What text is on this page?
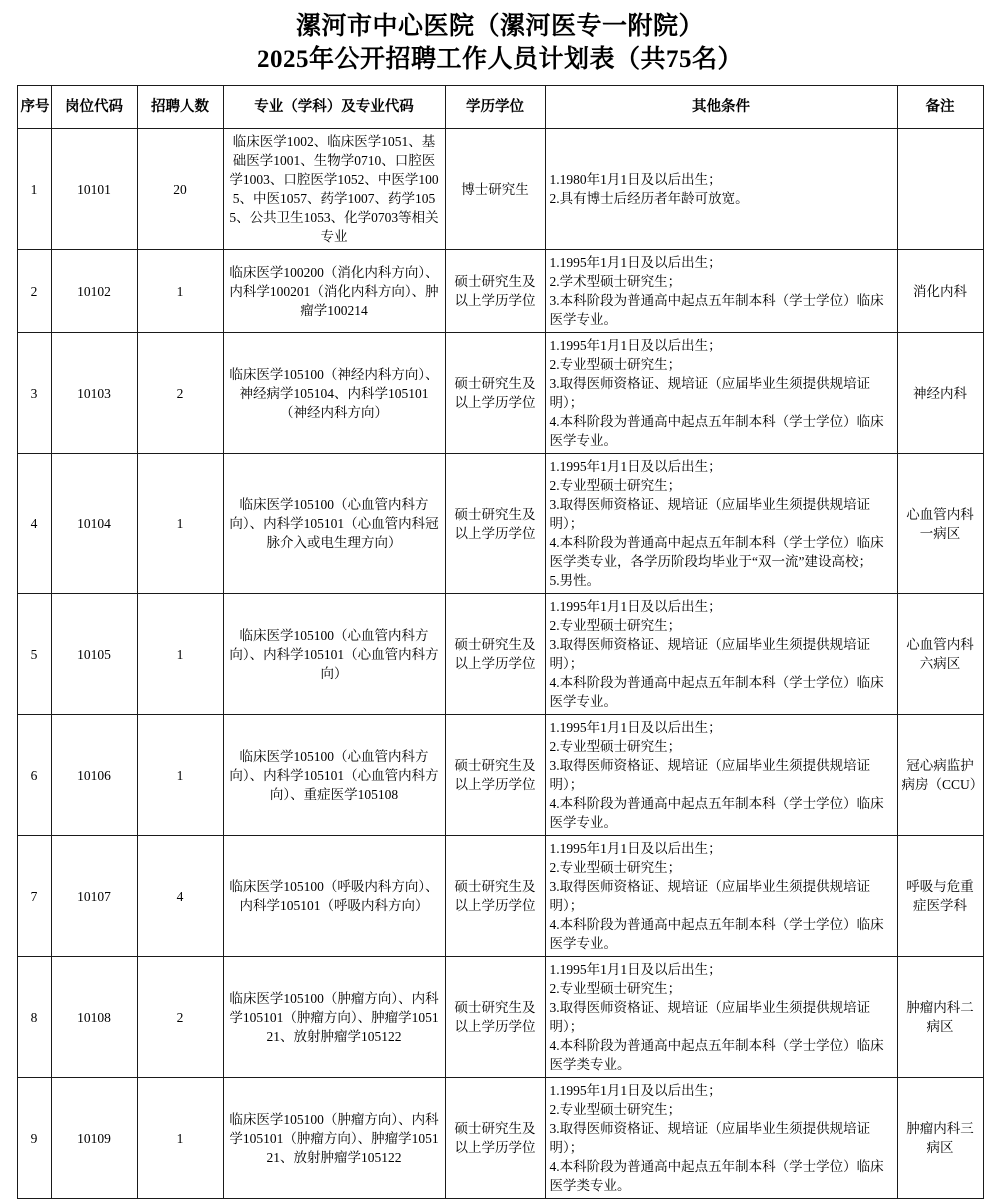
漯河市中心医院（漯河医专一附院）
2025年公开招聘工作人员计划表（共75名）
序号	岗位代码	招聘人数	专业（学科）及专业代码	学历学位	其他条件	备注
1	10101	20	临床医学1002、临床医学1051、基础医学1001、生物学0710、口腔医学1003、口腔医学1052、中医学1005、中医1057、药学1007、药学1055、公共卫生1053、化学0703等相关专业	博士研究生	1.1980年1月1日及以后出生；
2.具有博士后经历者年龄可放宽。	

2	10102	1	临床医学100200（消化内科方向）、内科学100201（消化内科方向）、肿瘤学100214	硕士研究生及以上学历学位	1.1995年1月1日及以后出生；
2.学术型硕士研究生；
3.本科阶段为普通高中起点五年制本科（学士学位）临床医学专业。	消化内科
3	10103	2	临床医学105100（神经内科方向）、神经病学105104、内科学105101（神经内科方向）	硕士研究生及以上学历学位	1.1995年1月1日及以后出生；
2.专业型硕士研究生；
3.取得医师资格证、规培证（应届毕业生须提供规培证明）；
4.本科阶段为普通高中起点五年制本科（学士学位）临床医学专业。	神经内科
4	10104	1	临床医学105100（心血管内科方向）、内科学105101（心血管内科冠脉介入或电生理方向）	硕士研究生及以上学历学位	1.1995年1月1日及以后出生；
2.专业型硕士研究生；
3.取得医师资格证、规培证（应届毕业生须提供规培证明）；
4.本科阶段为普通高中起点五年制本科（学士学位）临床医学类专业，各学历阶段均毕业于“双一流”建设高校；
5.男性。	心血管内科一病区
5	10105	1	临床医学105100（心血管内科方向）、内科学105101（心血管内科方向）	硕士研究生及以上学历学位	1.1995年1月1日及以后出生；
2.专业型硕士研究生；
3.取得医师资格证、规培证（应届毕业生须提供规培证明）；
4.本科阶段为普通高中起点五年制本科（学士学位）临床医学专业。	心血管内科六病区
6	10106	1	临床医学105100（心血管内科方向）、内科学105101（心血管内科方向）、重症医学105108	硕士研究生及以上学历学位	1.1995年1月1日及以后出生；
2.专业型硕士研究生；
3.取得医师资格证、规培证（应届毕业生须提供规培证明）；
4.本科阶段为普通高中起点五年制本科（学士学位）临床医学专业。	冠心病监护病房（CCU）
7	10107	4	临床医学105100（呼吸内科方向）、内科学105101（呼吸内科方向）	硕士研究生及以上学历学位	1.1995年1月1日及以后出生；
2.专业型硕士研究生；
3.取得医师资格证、规培证（应届毕业生须提供规培证明）；
4.本科阶段为普通高中起点五年制本科（学士学位）临床医学专业。	呼吸与危重症医学科
8	10108	2	临床医学105100（肿瘤方向）、内科学105101（肿瘤方向）、肿瘤学105121、放射肿瘤学105122	硕士研究生及以上学历学位	1.1995年1月1日及以后出生；
2.专业型硕士研究生；
3.取得医师资格证、规培证（应届毕业生须提供规培证明）；
4.本科阶段为普通高中起点五年制本科（学士学位）临床医学类专业。	肿瘤内科二病区
9	10109	1	临床医学105100（肿瘤方向）、内科学105101（肿瘤方向）、肿瘤学105121、放射肿瘤学105122	硕士研究生及以上学历学位	1.1995年1月1日及以后出生；
2.专业型硕士研究生；
3.取得医师资格证、规培证（应届毕业生须提供规培证明）；
4.本科阶段为普通高中起点五年制本科（学士学位）临床医学类专业。	肿瘤内科三病区
